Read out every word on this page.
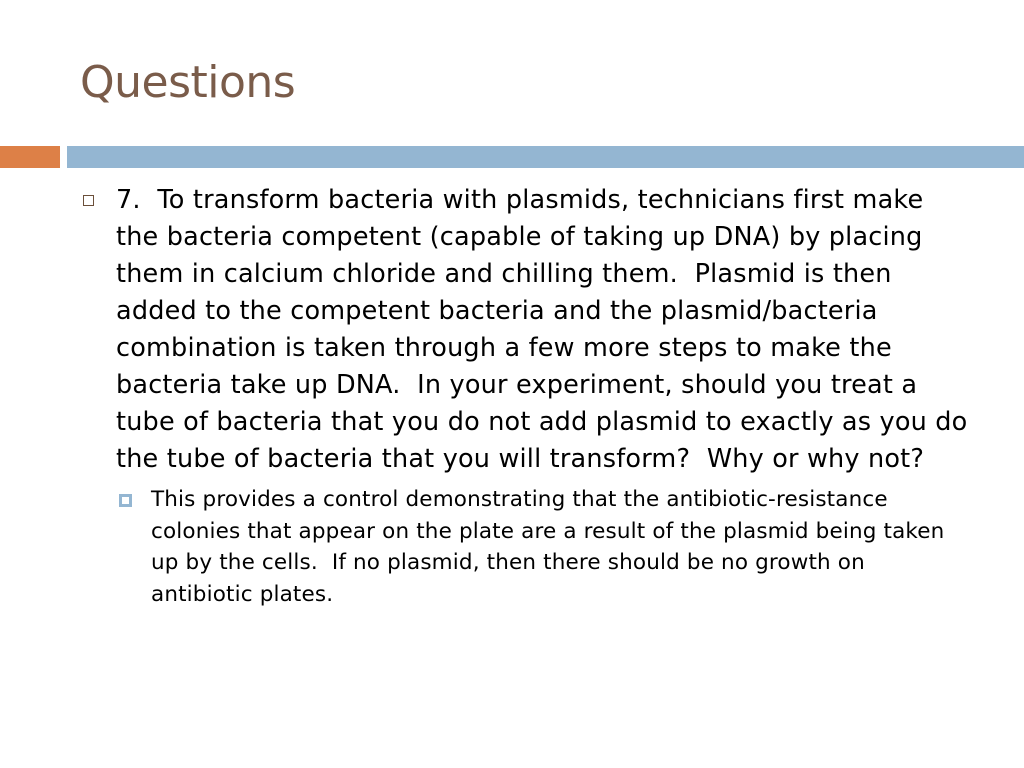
Questions
7.  To transform bacteria with plasmids, technicians first make the bacteria competent (capable of taking up DNA) by placing them in calcium chloride and chilling them.  Plasmid is then added to the competent bacteria and the plasmid/bacteria combination is taken through a few more steps to make the bacteria take up DNA.  In your experiment, should you treat a tube of bacteria that you do not add plasmid to exactly as you do the tube of bacteria that you will transform?  Why or why not?
This provides a control demonstrating that the antibiotic-resistance colonies that appear on the plate are a result of the plasmid being taken up by the cells.  If no plasmid, then there should be no growth on antibiotic plates.
